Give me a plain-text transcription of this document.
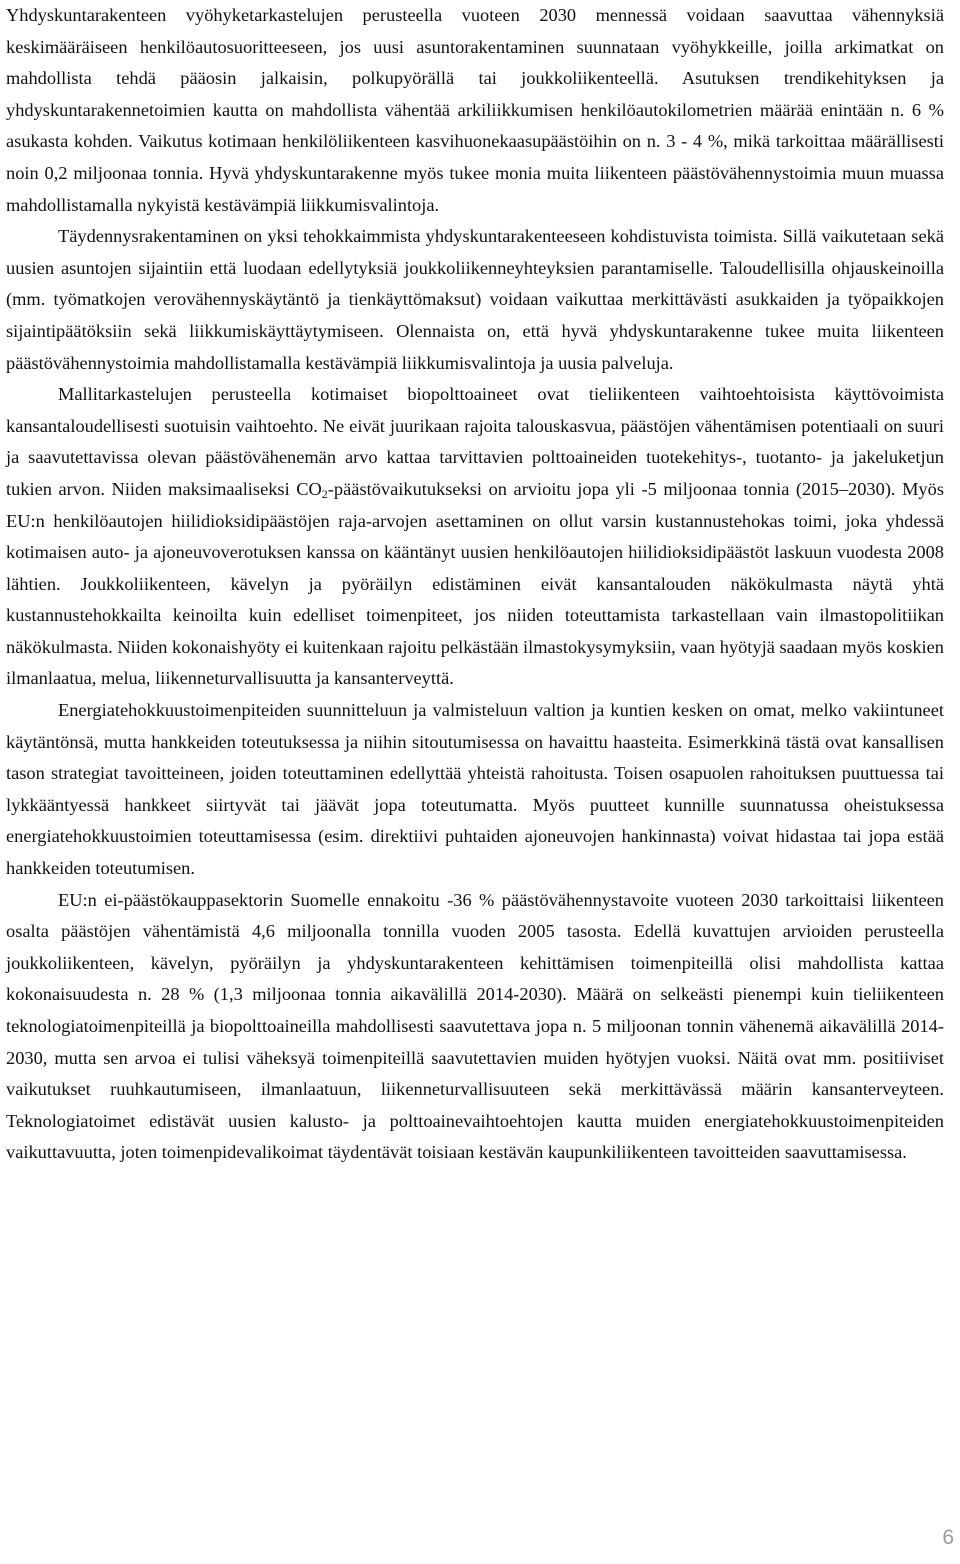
Yhdyskuntarakenteen vyöhyketarkastelujen perusteella vuoteen 2030 mennessä voidaan saavuttaa vähennyksiä keskimääräiseen henkilöautosuoritteeseen, jos uusi asuntorakentaminen suunnataan vyöhykkeille, joilla arkimatkat on mahdollista tehdä pääosin jalkaisin, polkupyörällä tai joukkoliikenteellä. Asutuksen trendikehityksen ja yhdyskuntarakennetoimien kautta on mahdollista vähentää arkiliikkumisen henkilöautokilometrien määrää enintään n. 6 % asukasta kohden. Vaikutus kotimaan henkilöliikenteen kasvihuonekaasupäästöihin on n. 3 - 4 %, mikä tarkoittaa määrällisesti noin 0,2 miljoonaa tonnia. Hyvä yhdyskuntarakenne myös tukee monia muita liikenteen päästövähennystoimia muun muassa mahdollistamalla nykyistä kestävämpiä liikkumisvalintoja.

Täydennysrakentaminen on yksi tehokkaimmista yhdyskuntarakenteeseen kohdistuvista toimista. Sillä vaikutetaan sekä uusien asuntojen sijaintiin että luodaan edellytyksiä joukkoliikenneyhteyksien parantamiselle. Taloudellisilla ohjauskeinoilla (mm. työmatkojen verovähennyskäytäntö ja tienkäyttömaksut) voidaan vaikuttaa merkittävästi asukkaiden ja työpaikkojen sijaintipäätöksiin sekä liikkumiskäyttäytymiseen. Olennaista on, että hyvä yhdyskuntarakenne tukee muita liikenteen päästövähennystoimia mahdollistamalla kestävämpiä liikkumisvalintoja ja uusia palveluja.

Mallitarkastelujen perusteella kotimaiset biopolttoaineet ovat tieliikenteen vaihtoehtoisista käyttövoimista kansantaloudellisesti suotuisin vaihtoehto. Ne eivät juurikaan rajoita talouskasvua, päästöjen vähentämisen potentiaali on suuri ja saavutettavissa olevan päästövähenemän arvo kattaa tarvittavien polttoaineiden tuotekehitys-, tuotanto- ja jakeluketjun tukien arvon. Niiden maksimaaliseksi $CO_2$-päästövaikutukseksi on arvioitu jopa yli -5 miljoonaa tonnia (2015–2030). Myös EU:n henkilöautojen hiilidioksidipäästöjen raja-arvojen asettaminen on ollut varsin kustannustehokas toimi, joka yhdessä kotimaisen auto- ja ajoneuvoverotuksen kanssa on kääntänyt uusien henkilöautojen hiilidioksidipäästöt laskuun vuodesta 2008 lähtien. Joukkoliikenteen, kävelyn ja pyöräilyn edistäminen eivät kansantalouden näkökulmasta näytä yhtä kustannustehokkailta keinoilta kuin edelliset toimenpiteet, jos niiden toteuttamista tarkastellaan vain ilmastopolitiikan näkökulmasta. Niiden kokonaishyöty ei kuitenkaan rajoitu pelkästään ilmastokysymyksiin, vaan hyötyjä saadaan myös koskien ilmanlaatua, melua, liikenneturvallisuutta ja kansanterveyttä.

Energiatehokkuustoimenpiteiden suunnitteluun ja valmisteluun valtion ja kuntien kesken on omat, melko vakiintuneet käytäntönsä, mutta hankkeiden toteutuksessa ja niihin sitoutumisessa on havaittu haasteita. Esimerkkinä tästä ovat kansallisen tason strategiat tavoitteineen, joiden toteuttaminen edellyttää yhteistä rahoitusta. Toisen osapuolen rahoituksen puuttuessa tai lykkääntyessä hankkeet siirtyvät tai jäävät jopa toteutumatta. Myös puutteet kunnille suunnatussa oheistuksessa energiatehokkuustoimien toteuttamisessa (esim. direktiivi puhtaiden ajoneuvojen hankinnasta) voivat hidastaa tai jopa estää hankkeiden toteutumisen.

EU:n ei-päästökauppasektorin Suomelle ennakoitu -36 % päästövähennystavoite vuoteen 2030 tarkoittaisi liikenteen osalta päästöjen vähentämistä 4,6 miljoonalla tonnilla vuoden 2005 tasosta. Edellä kuvattujen arvioiden perusteella joukkoliikenteen, kävelyn, pyöräilyn ja yhdyskuntarakenteen kehittämisen toimenpiteillä olisi mahdollista kattaa kokonaisuudesta n. 28 % (1,3 miljoonaa tonnia aikavälillä 2014-2030). Määrä on selkeästi pienempi kuin tieliikenteen teknologiatoimenpiteillä ja biopolttoaineilla mahdollisesti saavutettava jopa n. 5 miljoonan tonnin vähenemä aikavälillä 2014-2030, mutta sen arvoa ei tulisi väheksyä toimenpiteillä saavutettavien muiden hyötyjen vuoksi. Näitä ovat mm. positiiviset vaikutukset ruuhkautumiseen, ilmanlaatuun, liikenneturvallisuuteen sekä merkittävässä määrin kansanterveyteen. Teknologiatoimet edistävät uusien kalusto- ja polttoainevaihtoehtojen kautta muiden energiatehokkuustoimenpiteiden vaikuttavuutta, joten toimenpidevalikoimat täydentävät toisiaan kestävän kaupunkiliikenteen tavoitteiden saavuttamisessa.

6
